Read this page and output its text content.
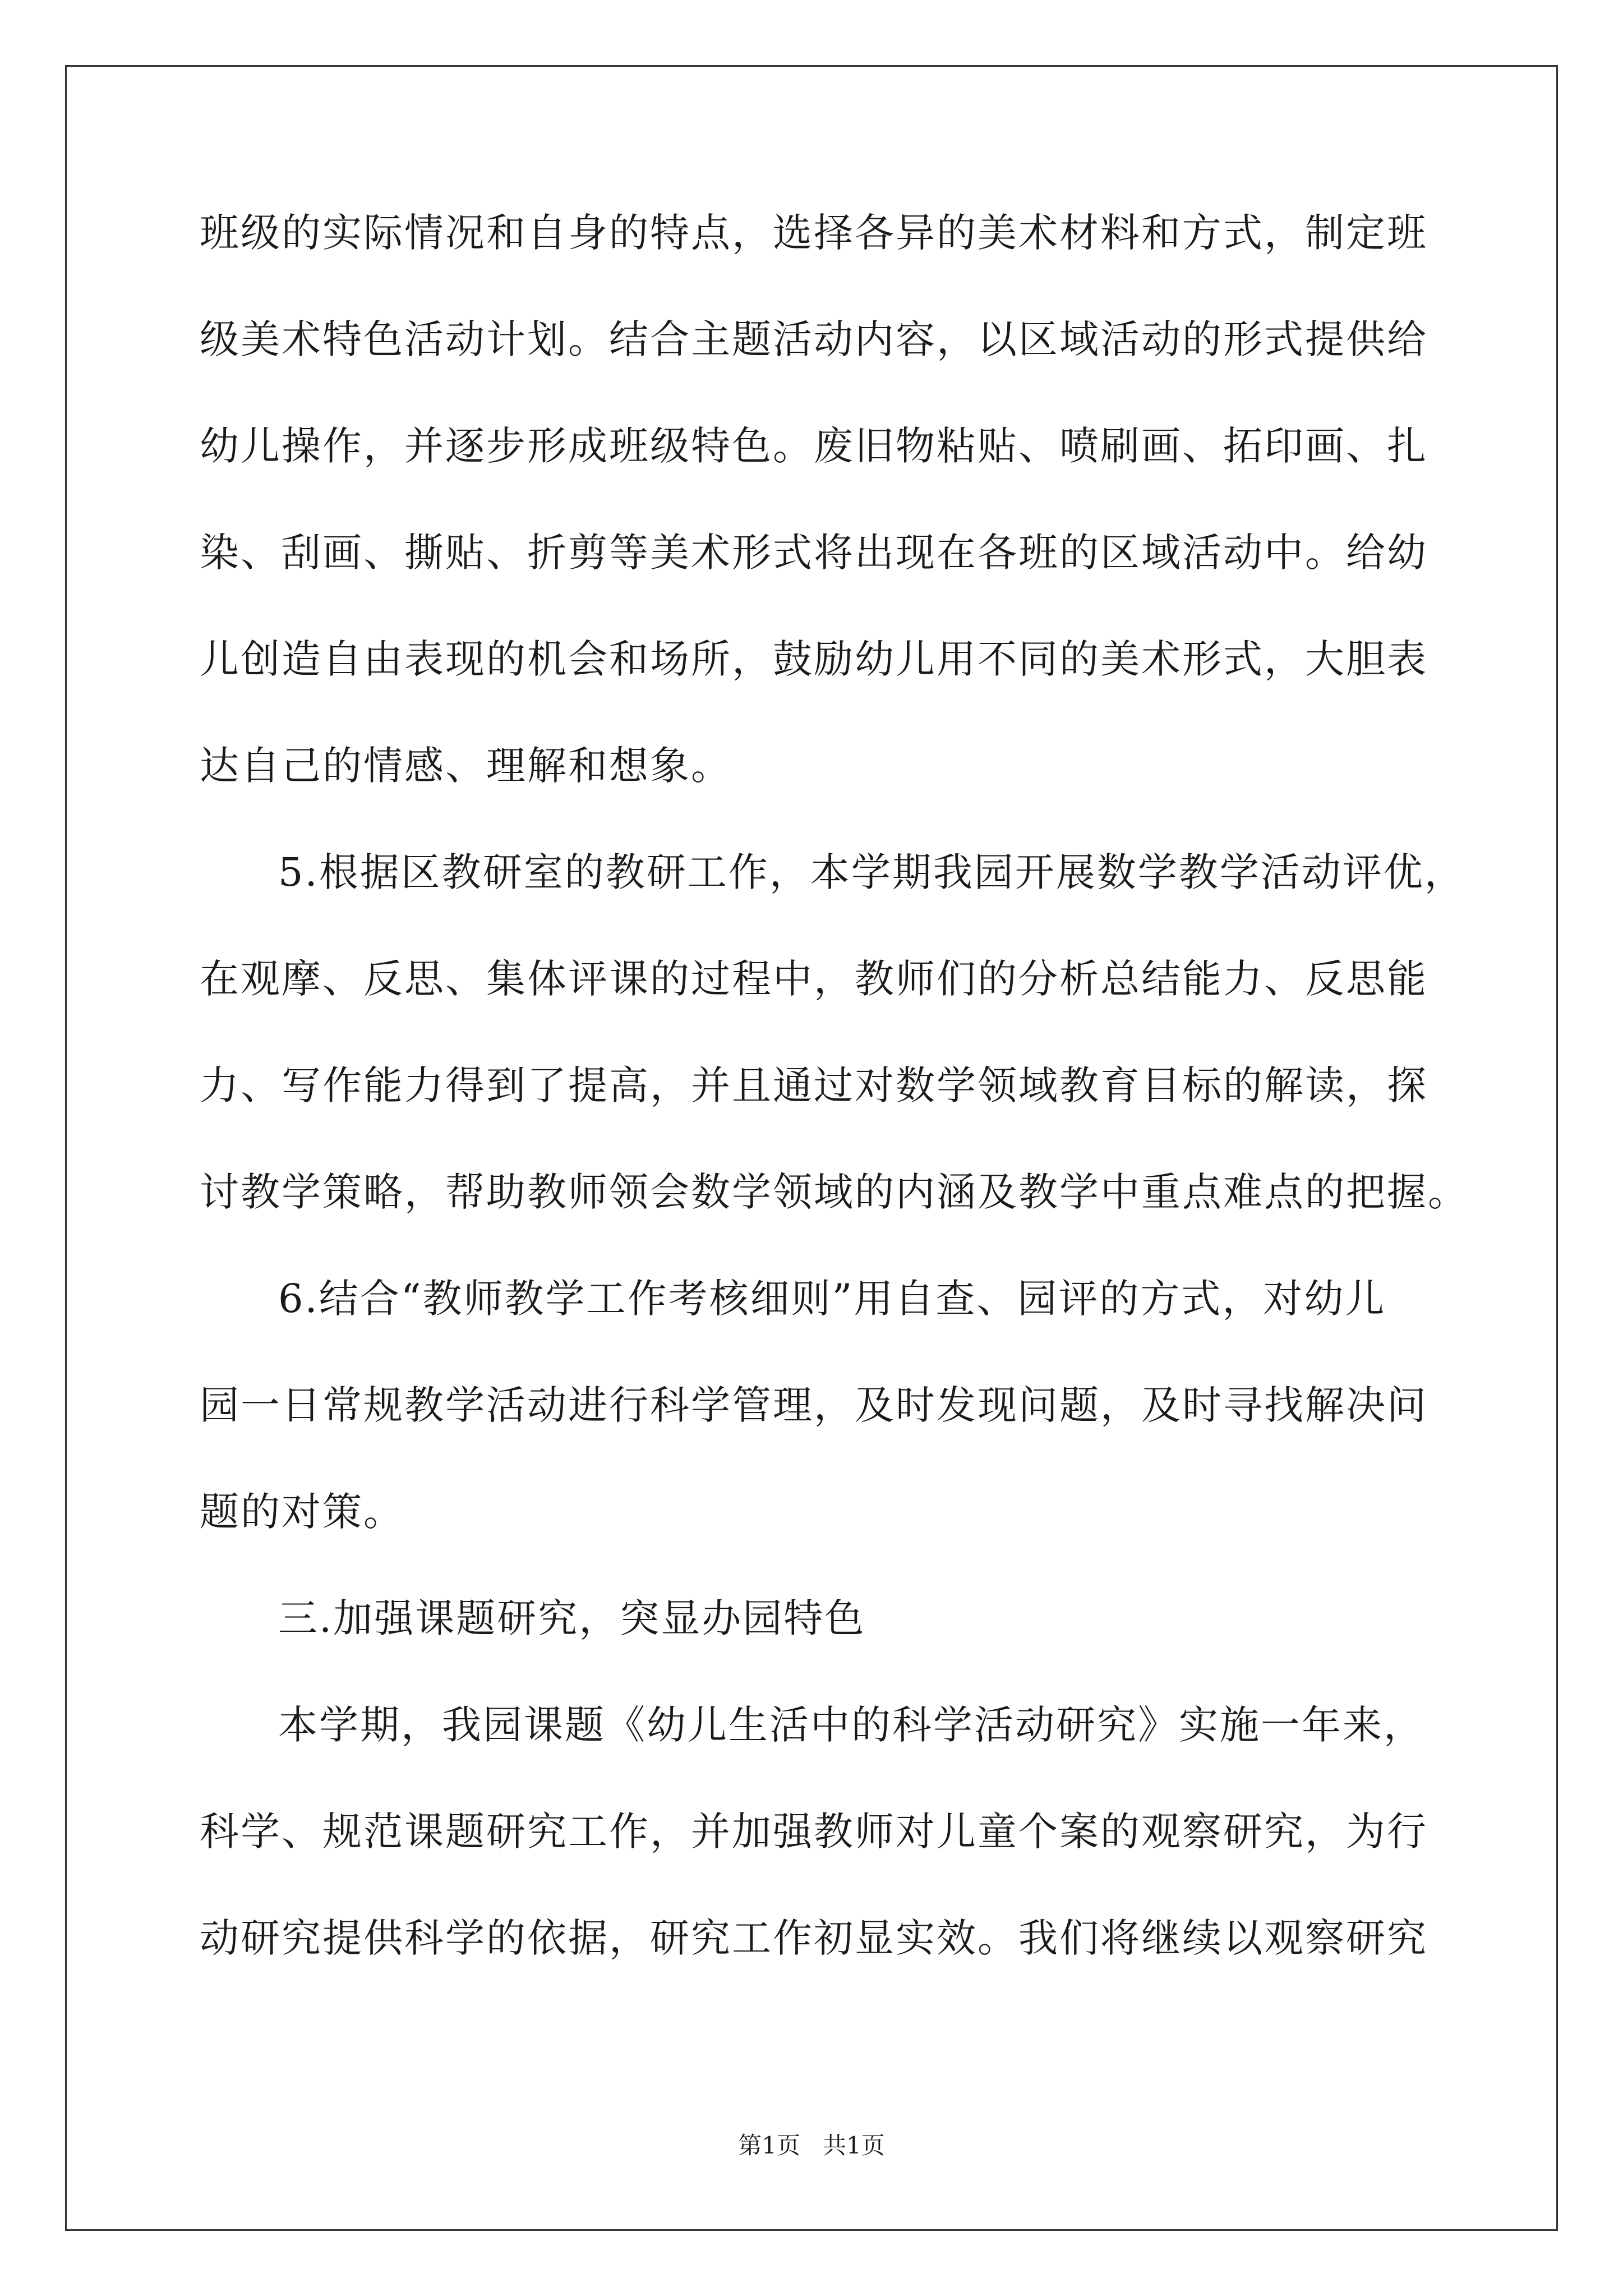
班级的实际情况和自身的特点，选择各异的美术材料和方式，制定班
级美术特色活动计划。结合主题活动内容，以区域活动的形式提供给
幼儿操作，并逐步形成班级特色。废旧物粘贴、喷刷画、拓印画、扎
染、刮画、撕贴、折剪等美术形式将出现在各班的区域活动中。给幼
儿创造自由表现的机会和场所，鼓励幼儿用不同的美术形式，大胆表
达自己的情感、理解和想象。
5.根据区教研室的教研工作，本学期我园开展数学教学活动评优，
在观摩、反思、集体评课的过程中，教师们的分析总结能力、反思能
力、写作能力得到了提高，并且通过对数学领域教育目标的解读，探
讨教学策略，帮助教师领会数学领域的内涵及教学中重点难点的把握。
6.结合“教师教学工作考核细则”用自查、园评的方式，对幼儿
园一日常规教学活动进行科学管理，及时发现问题，及时寻找解决问
题的对策。
三.加强课题研究，突显办园特色
本学期，我园课题《幼儿生活中的科学活动研究》实施一年来，
科学、规范课题研究工作，并加强教师对儿童个案的观察研究，为行
动研究提供科学的依据，研究工作初显实效。我们将继续以观察研究
第1页 共1页
